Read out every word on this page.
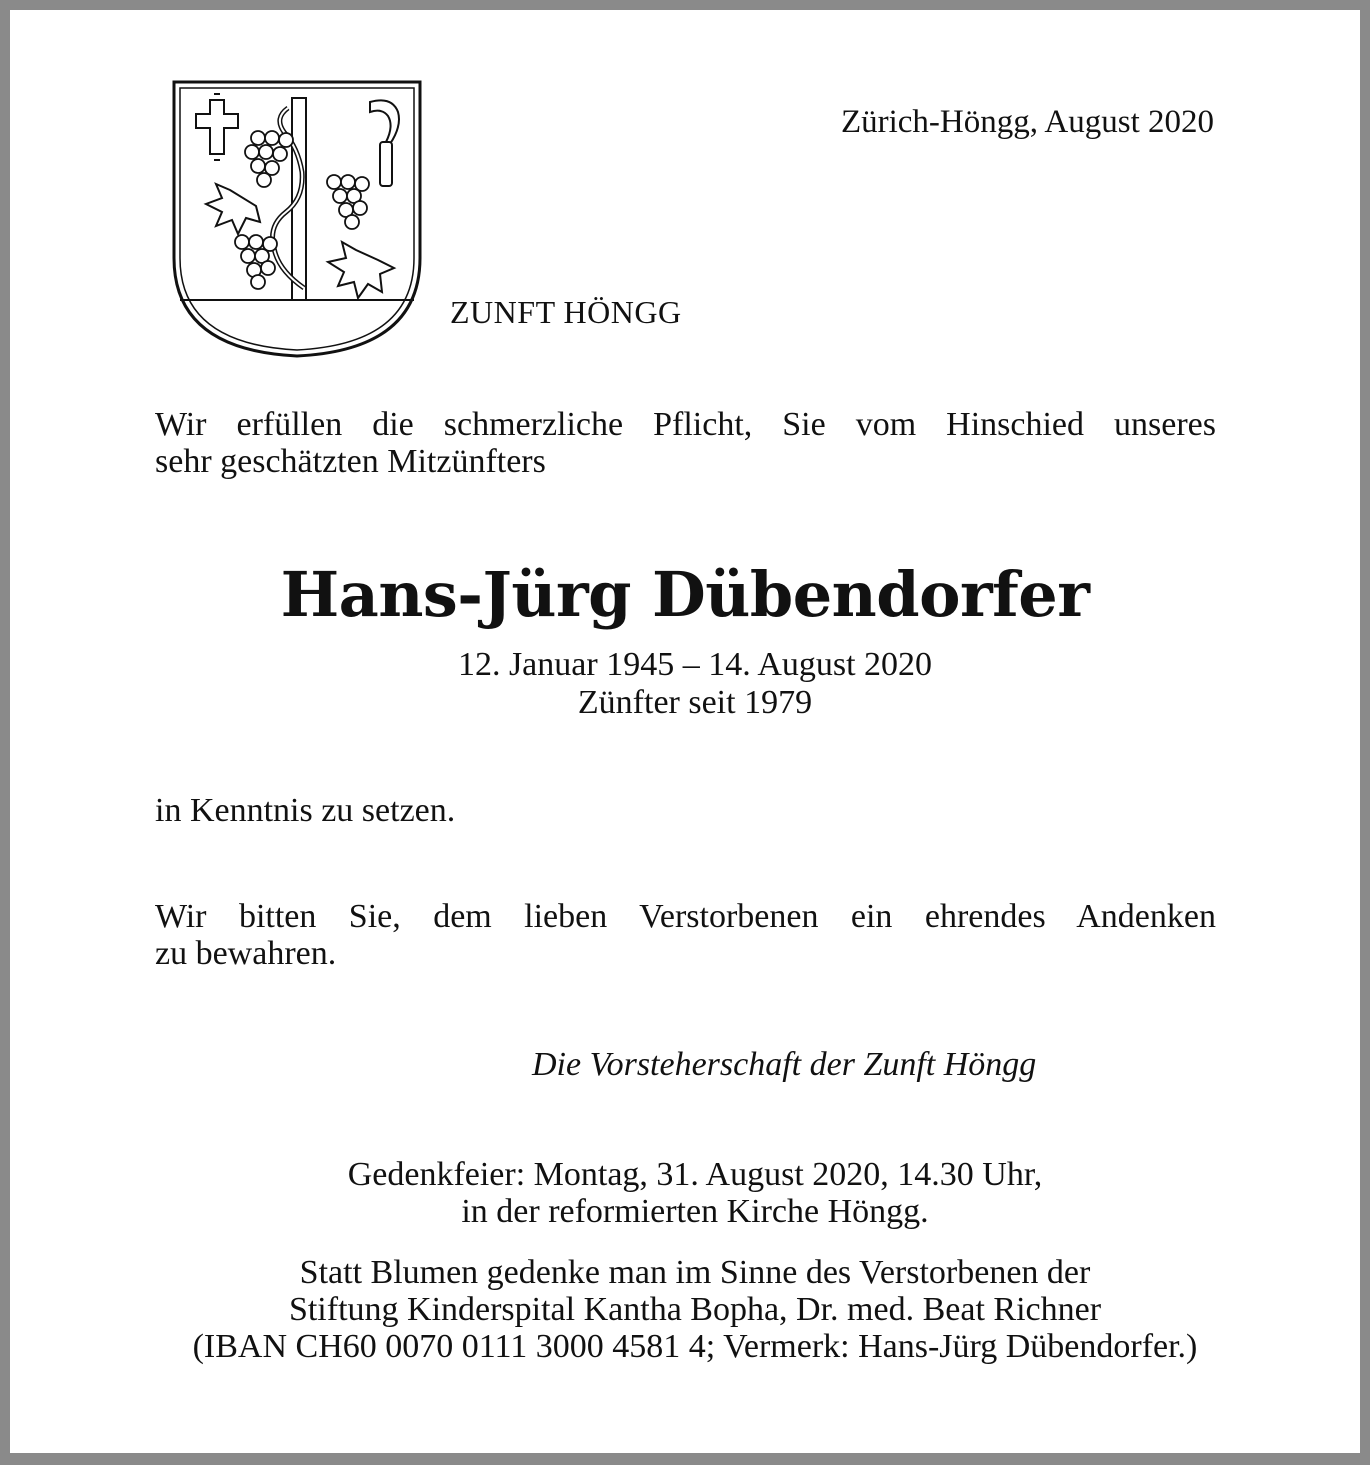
Zürich-Höngg, August 2020
ZUNFT HÖNGG
Wir erfüllen die schmerzliche Pflicht, Sie vom Hinschied unseres
sehr geschätzten Mitzünfters
Hans-Jürg Dübendorfer
12. Januar 1945 – 14. August 2020
Zünfter seit 1979
in Kenntnis zu setzen.
Wir bitten Sie, dem lieben Verstorbenen ein ehrendes Andenken
zu bewahren.
Die Vorsteherschaft der Zunft Höngg
Gedenkfeier: Montag, 31. August 2020, 14.30 Uhr,
in der reformierten Kirche Höngg.
Statt Blumen gedenke man im Sinne des Verstorbenen der
Stiftung Kinderspital Kantha Bopha, Dr. med. Beat Richner
(IBAN CH60 0070 0111 3000 4581 4; Vermerk: Hans-Jürg Dübendorfer.)
